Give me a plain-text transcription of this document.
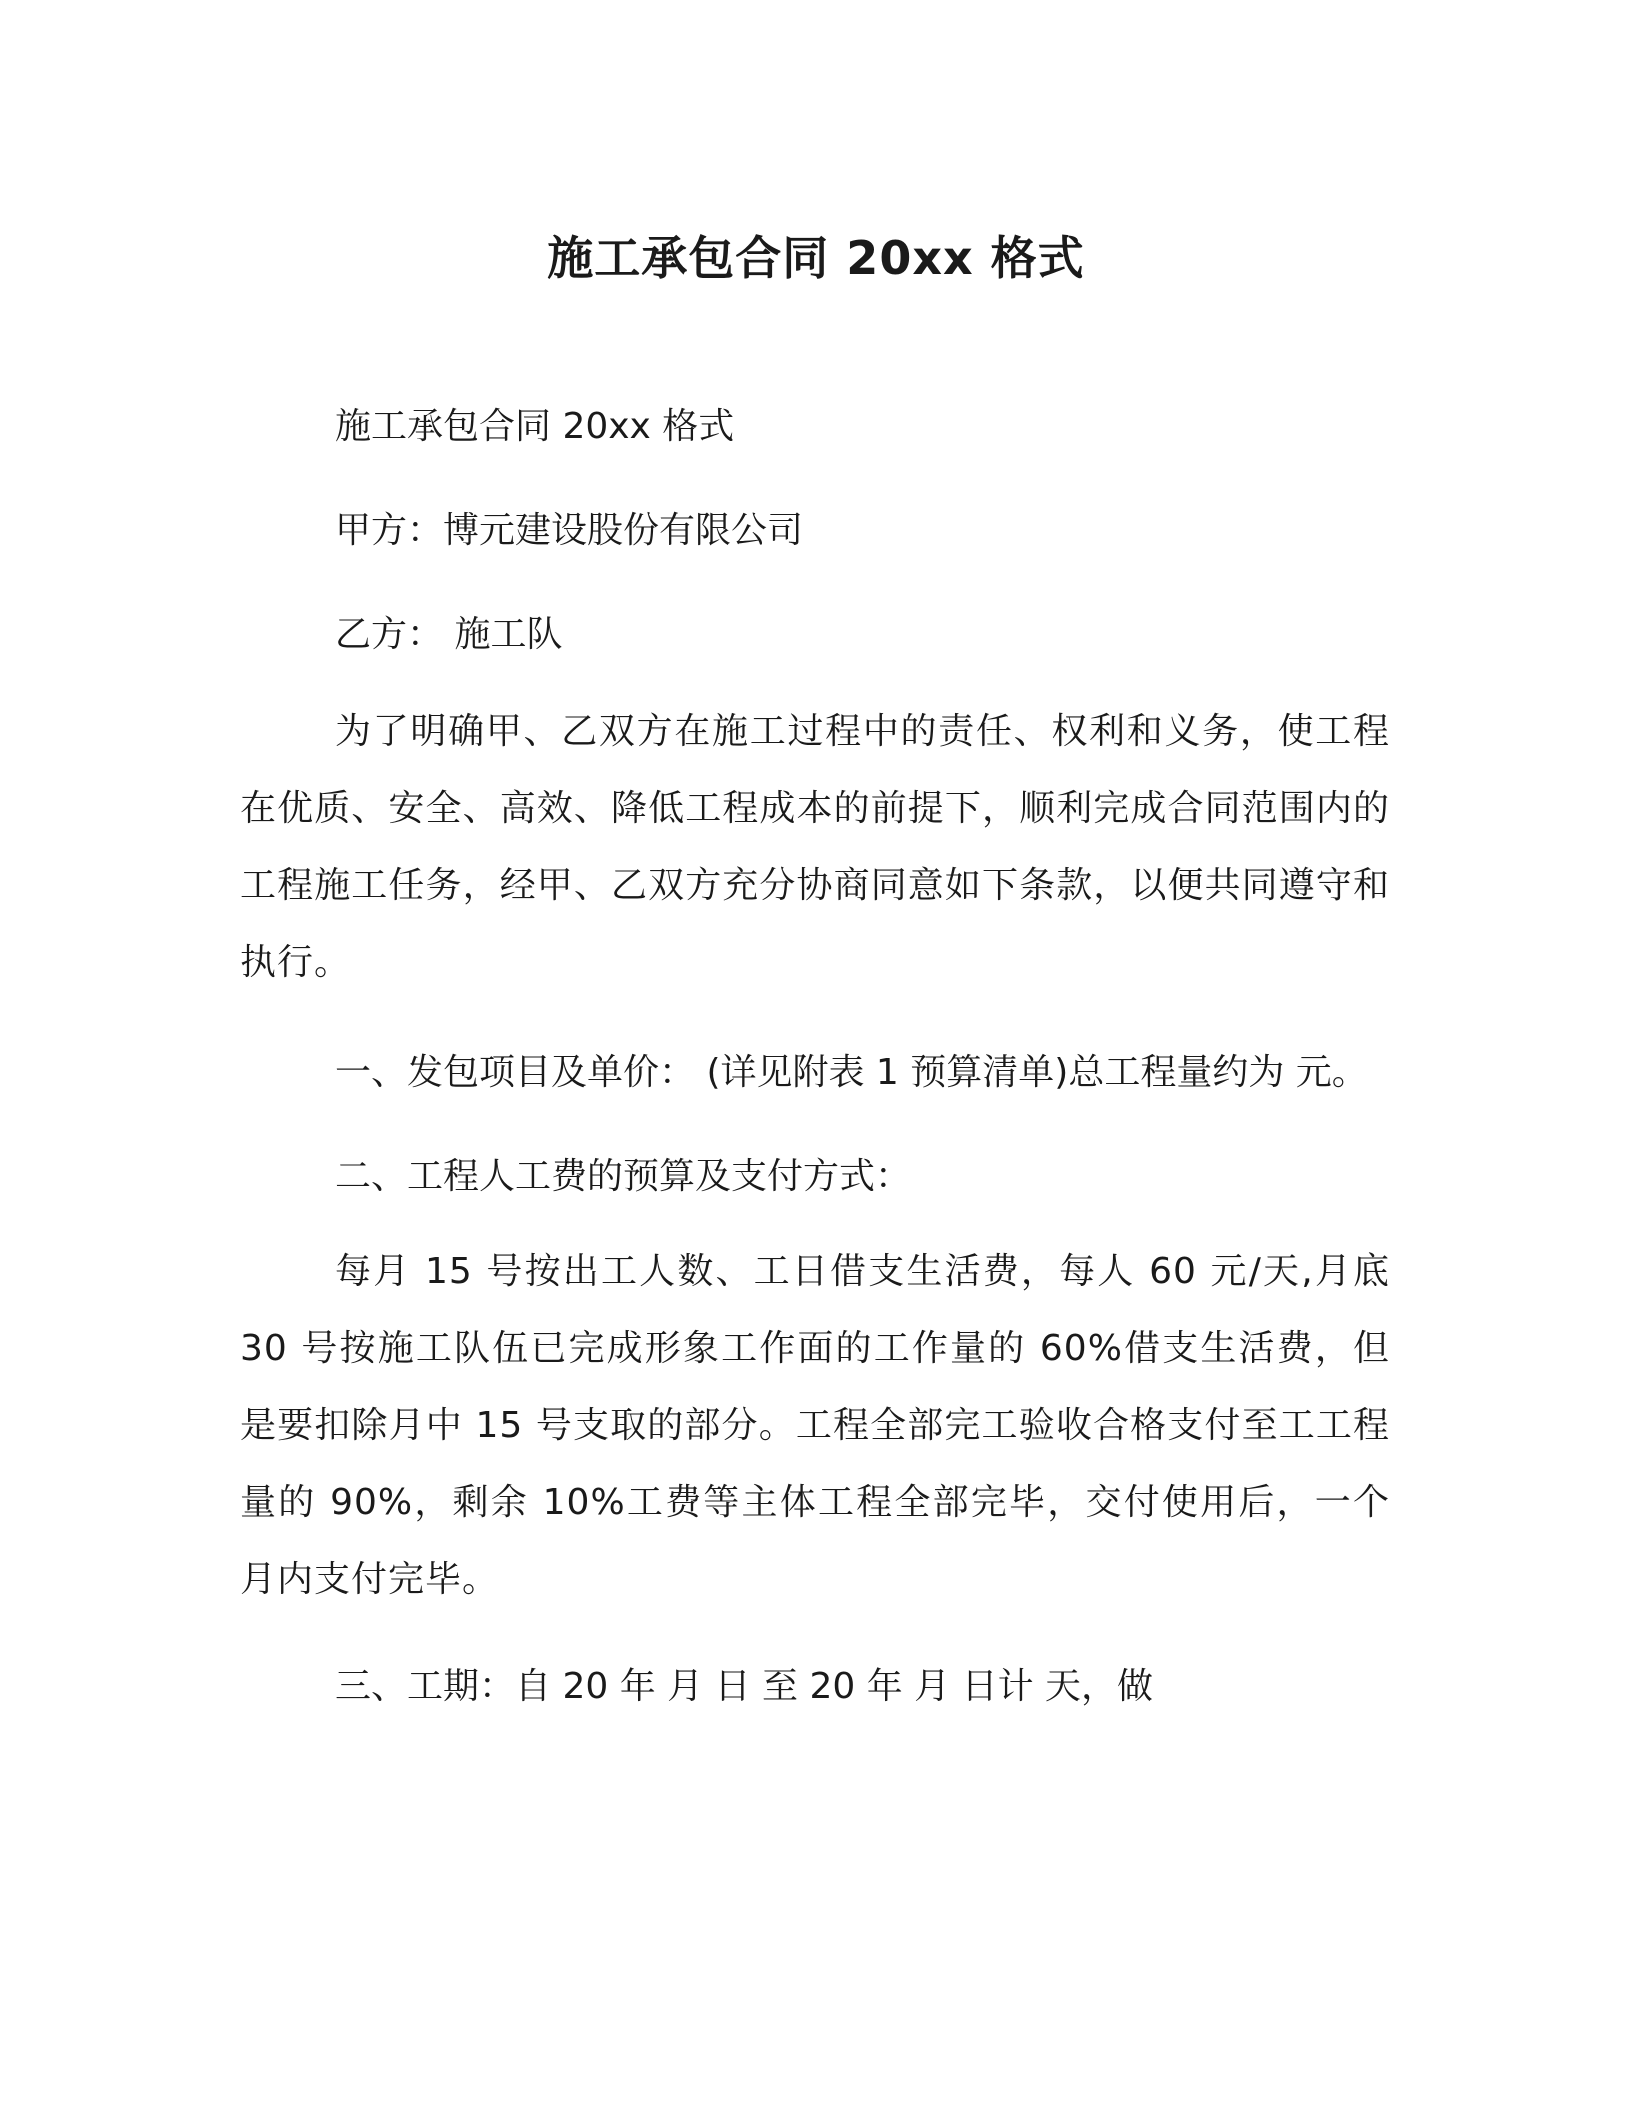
施工承包合同 20xx 格式
施工承包合同 20xx 格式
甲方：博元建设股份有限公司
乙方： 施工队
为了明确甲、乙双方在施工过程中的责任、权利和义务，使工程在优质、安全、高效、降低工程成本的前提下，顺利完成合同范围内的工程施工任务，经甲、乙双方充分协商同意如下条款，以便共同遵守和执行。
一、发包项目及单价： (详见附表 1 预算清单)总工程量约为 元。
二、工程人工费的预算及支付方式：
每月 15 号按出工人数、工日借支生活费，每人 60 元/天,月底 30 号按施工队伍已完成形象工作面的工作量的 60%借支生活费，但是要扣除月中 15 号支取的部分。工程全部完工验收合格支付至工工程量的 90%，剩余 10%工费等主体工程全部完毕，交付使用后，一个月内支付完毕。
三、工期：自 20 年 月 日 至 20 年 月 日计 天，做
